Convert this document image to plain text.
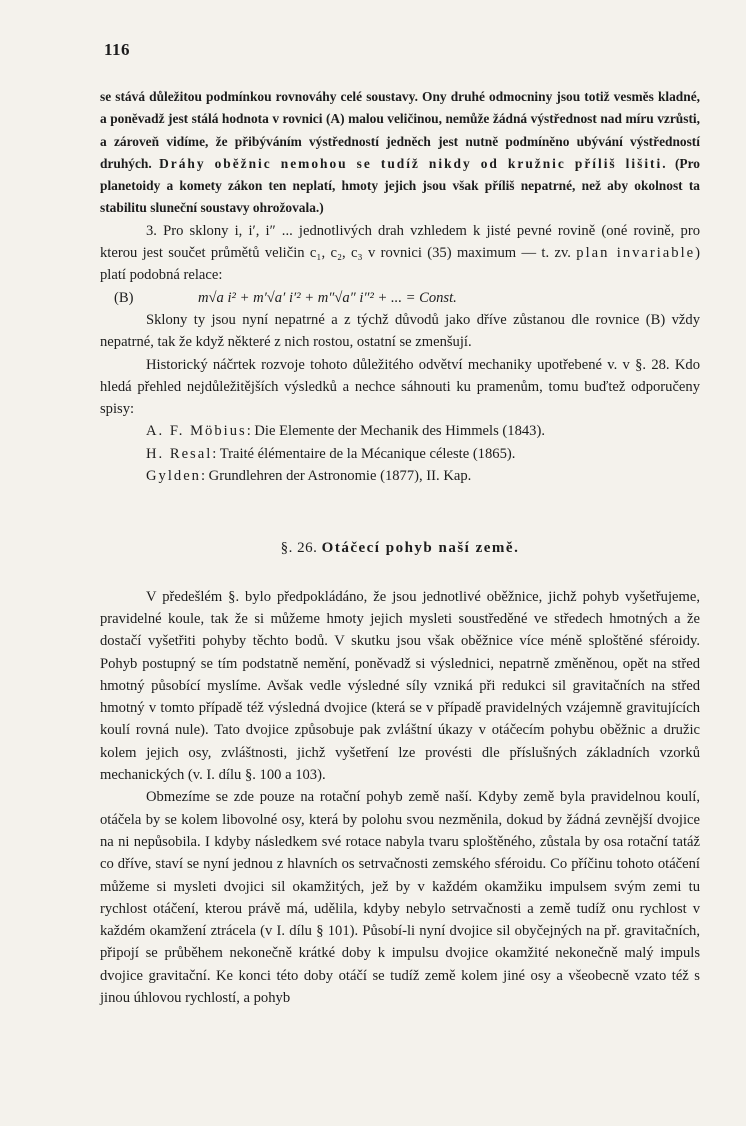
116

se stává důležitou podmínkou rovnováhy celé soustavy. Ony druhé odmocniny jsou totiž vesměs kladné, a poněvadž jest stálá hodnota v rovnici (A) malou veličinou, nemůže žádná výstřednost nad míru vzrůsti, a zároveň vidíme, že přibýváním výstředností jedněch jest nutně podmíněno ubývání výstředností druhých. Dráhy oběžnic nemohou se tudíž nikdy od kružnic příliš lišiti. (Pro planetoidy a komety zákon ten neplatí, hmoty jejich jsou však příliš nepatrné, než aby okolnost ta stabilitu sluneční soustavy ohrožovala.)

3. Pro sklony i, i′, i″ ... jednotlivých drah vzhledem k jisté pevné rovině (oné rovině, pro kterou jest součet průmětů veličin c₁, c₂, c₃ v rovnici (35) maximum — t. zv. plan invariable) platí podobná relace:

(B)	m√a i² + m′√a′ i′² + m″√a″ i″² + ... = Const.

Sklony ty jsou nyní nepatrné a z týchž důvodů jako dříve zůstanou dle rovnice (B) vždy nepatrné, tak že když některé z nich rostou, ostatní se zmenšují.

Historický náčrtek rozvoje tohoto důležitého odvětví mechaniky upotřebené v. v §. 28. Kdo hledá přehled nejdůležitějších výsledků a nechce sáhnouti ku pramenům, tomu buďtež odporučeny spisy:

A. F. Möbius: Die Elemente der Mechanik des Himmels (1843).

H. Resal: Traité élémentaire de la Mécanique céleste (1865).

Gylden: Grundlehren der Astronomie (1877), II. Kap.

§. 26. Otáčecí pohyb naší země.

V předešlém §. bylo předpokládáno, že jsou jednotlivé oběžnice, jichž pohyb vyšetřujeme, pravidelné koule, tak že si můžeme hmoty jejich mysleti soustředěné ve středech hmotných a že dostačí vyšetřiti pohyby těchto bodů. V skutku jsou však oběžnice více méně sploštěné sféroidy. Pohyb postupný se tím podstatně nemění, poněvadž si výslednici, nepatrně změněnou, opět na střed hmotný působící myslíme. Avšak vedle výsledné síly vzniká při redukci sil gravitačních na střed hmotný v tomto případě též výsledná dvojice (která se v případě pravidelných vzájemně gravitujících koulí rovná nule). Tato dvojice způsobuje pak zvláštní úkazy v otáčecím pohybu oběžnic a družic kolem jejich osy, zvláštnosti, jichž vyšetření lze provésti dle příslušných základních vzorků mechanických (v. I. dílu §. 100 a 103).

Obmezíme se zde pouze na rotační pohyb země naší. Kdyby země byla pravidelnou koulí, otáčela by se kolem libovolné osy, která by polohu svou nezměnila, dokud by žádná zevnější dvojice na ni nepůsobila. I kdyby následkem své rotace nabyla tvaru sploštěného, zůstala by osa rotační tatáž co dříve, staví se nyní jednou z hlavních os setrvačnosti zemského sféroidu. Co příčinu tohoto otáčení můžeme si mysleti dvojici sil okamžitých, jež by v každém okamžiku impulsem svým zemi tu rychlost otáčení, kterou právě má, udělila, kdyby nebylo setrvačnosti a země tudíž onu rychlost v každém okamžení ztrácela (v I. dílu § 101). Působí-li nyní dvojice sil obyčejných na př. gravitačních, připojí se průběhem nekonečně krátké doby k impulsu dvojice okamžité nekonečně malý impuls dvojice gravitační. Ke konci této doby otáčí se tudíž země kolem jiné osy a všeobecně vzato též s jinou úhlovou rychlostí, a pohyb
